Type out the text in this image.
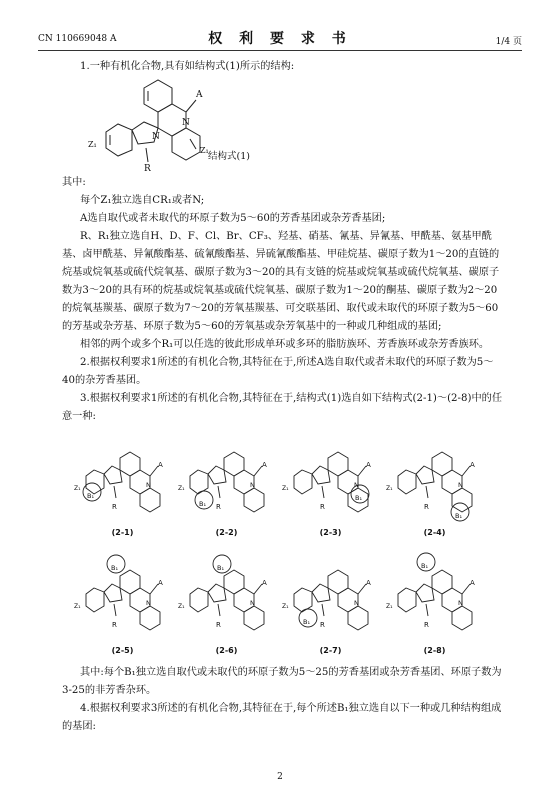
CN 110669048 A	权 利 要 求 书	1/4 页

1.一种有机化合物,具有如结构式(1)所示的结构:

A
N
N
R
Z₁
Z₁
结构式(1)

其中:

每个Z₁独立选自CR₁或者N;

A选自取代或者未取代的环原子数为5～60的芳香基团或杂芳香基团;

R、R₁独立选自H、D、F、Cl、Br、CF₃、羟基、硝基、氰基、异氰基、甲酰基、氨基甲酰基、卤甲酰基、异氰酸酯基、硫氰酸酯基、异硫氰酸酯基、甲硅烷基、碳原子数为1～20的直链的烷基或烷氧基或硫代烷氧基、碳原子数为3～20的具有支链的烷基或烷氧基或硫代烷氧基、碳原子数为3～20的具有环的烷基或烷氧基或硫代烷氧基、碳原子数为1～20的酮基、碳原子数为2～20的烷氧基羰基、碳原子数为7～20的芳氧基羰基、可交联基团、取代或未取代的环原子数为5～60的芳基或杂芳基、环原子数为5～60的芳氧基或杂芳氧基中的一种或几种组成的基团;

相邻的两个或多个R₁可以任选的彼此形成单环或多环的脂肪族环、芳香族环或杂芳香族环。

2.根据权利要求1所述的有机化合物,其特征在于,所述A选自取代或者未取代的环原子数为5～40的杂芳香基团。

3.根据权利要求1所述的有机化合物,其特征在于,结构式(1)选自如下结构式(2-1)～(2-8)中的任意一种:

A
N
R
Z₁
B₁
(2-1)
A
N
R
Z₁
B₁
(2-2)
A
N
R
Z₁
B₁
(2-3)
A
N
R
Z₁
B₁
(2-4)
A
N
R
Z₁
B₁
(2-5)
A
N
R
Z₁
B₁
(2-6)
A
N
R
Z₁
B₁
(2-7)
A
N
R
Z₁
B₁
(2-8)

其中:每个B₁独立选自取代或未取代的环原子数为5～25的芳香基团或杂芳香基团、环原子数为3-25的非芳香杂环。

4.根据权利要求3所述的有机化合物,其特征在于,每个所述B₁独立选自以下一种或几种结构组成的基团:

2
